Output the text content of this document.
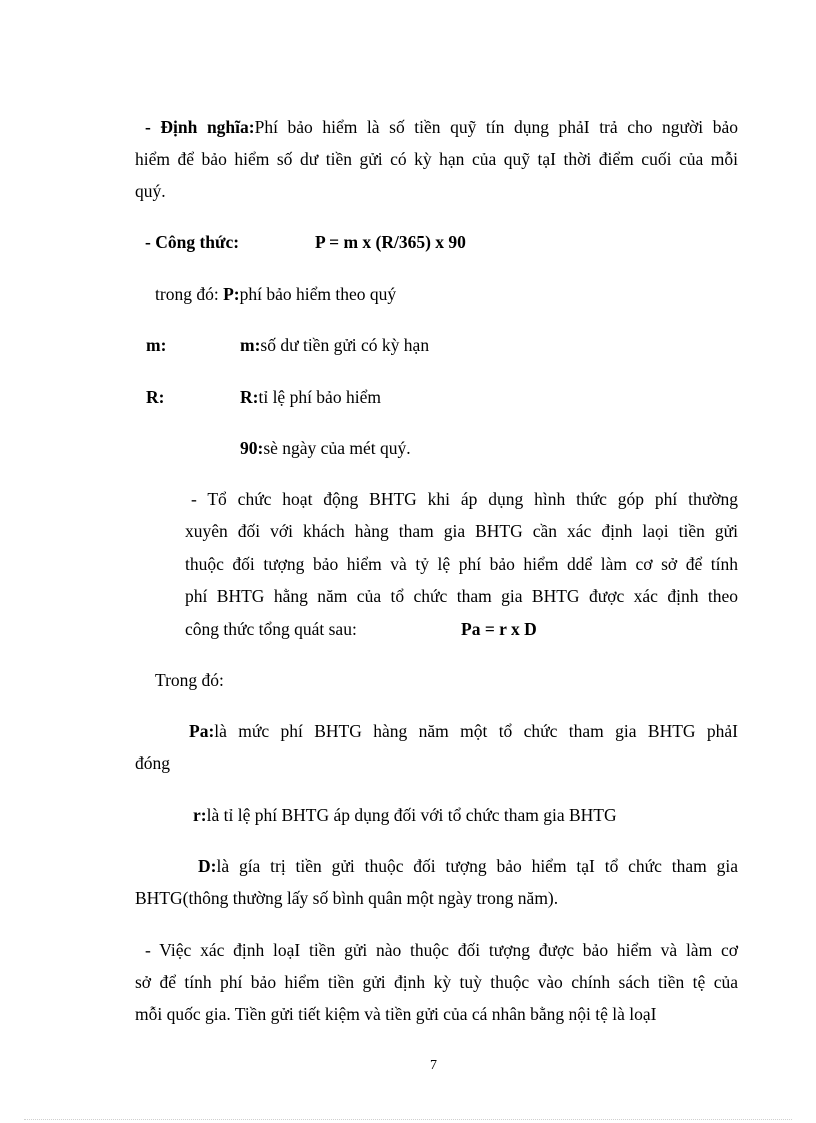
- Định nghĩa:Phí bảo hiểm là số tiền quỹ tín dụng phảI trả cho người bảo
hiểm để bảo hiểm số dư tiền gửi có kỳ hạn của quỹ tạI thời điểm cuối của mỗi
quý.
- Công thức:	P = m x (R/365) x 90
trong đó: P:phí bảo hiểm theo quý
m:	m:số dư tiền gửi có kỳ hạn
R:	R:tỉ lệ phí bảo hiểm
90:sè ngày của mét quý.
- Tổ chức hoạt động BHTG khi áp dụng hình thức góp phí thường
xuyên đối với khách hàng tham gia BHTG cần xác định laọi tiền gửi
thuộc đối tượng bảo hiểm và tỷ lệ phí bảo hiểm ddể làm cơ sở để tính
phí BHTG hằng năm của tổ chức tham gia BHTG được xác định theo
công thức tổng quát sau:	Pa = r x D
Trong đó:
Pa:là mức phí BHTG hàng năm một tổ chức tham gia BHTG phảI
đóng
r:là tỉ lệ phí BHTG áp dụng đối với tổ chức tham gia BHTG
D:là gía trị tiền gửi thuộc đối tượng bảo hiểm tạI tổ chức tham gia
BHTG(thông thường lấy số bình quân một ngày trong năm).
- Việc xác định loạI tiền gửi nào thuộc đối tượng được bảo hiểm và làm cơ
sở để tính phí bảo hiểm tiền gửi định kỳ tuỳ thuộc vào chính sách tiền tệ của
mỗi quốc gia. Tiền gửi tiết kiệm và tiền gửi của cá nhân bằng nội tệ là loạI
7
